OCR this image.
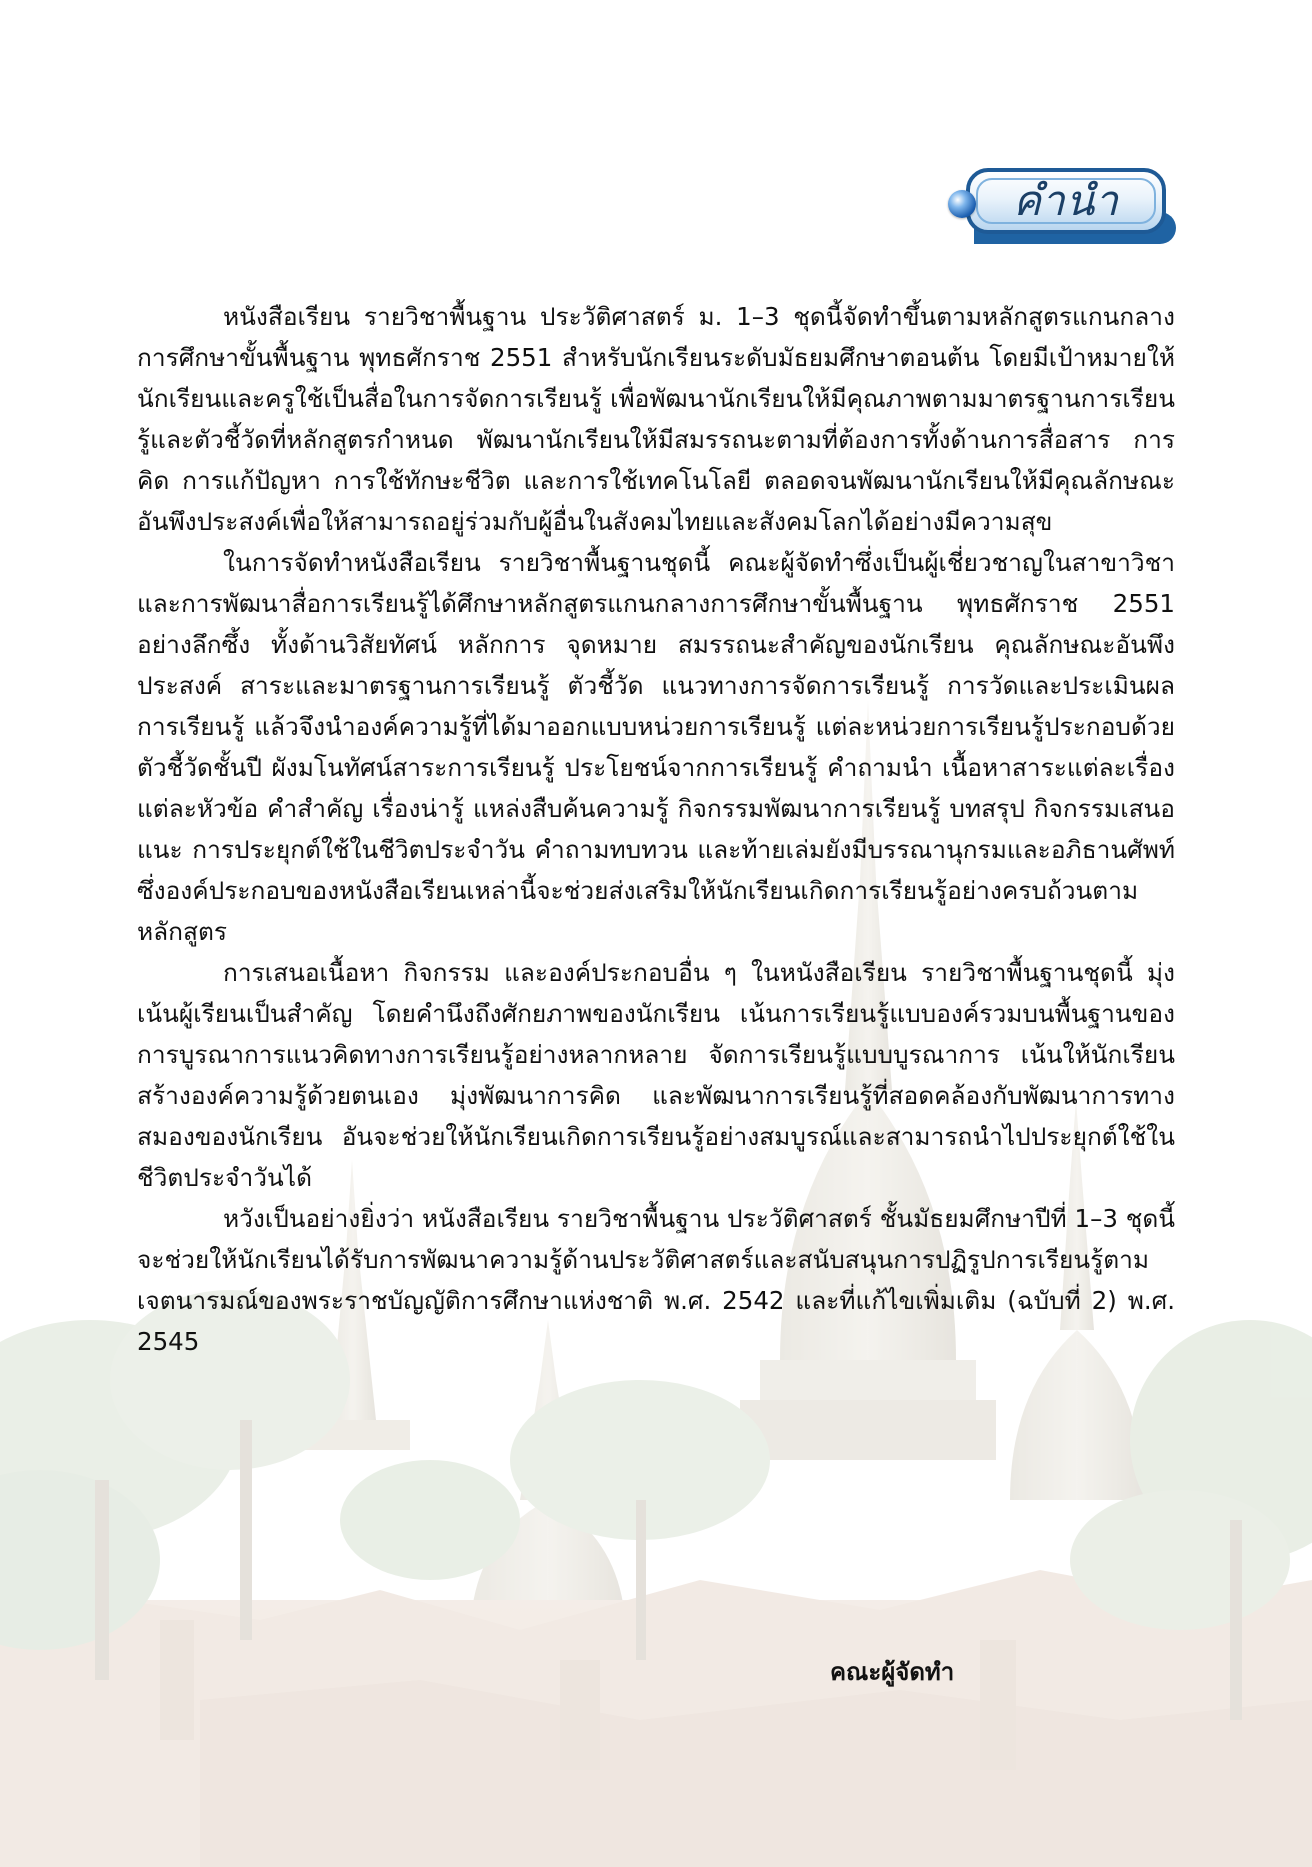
คำนำ

หนังสือเรียน รายวิชาพื้นฐาน ประวัติศาสตร์ ม. 1–3 ชุดนี้จัดทำขึ้นตามหลักสูตรแกนกลางการศึกษาขั้นพื้นฐาน พุทธศักราช 2551 สำหรับนักเรียนระดับมัธยมศึกษาตอนต้น โดยมีเป้าหมายให้นักเรียนและครูใช้เป็นสื่อในการจัดการเรียนรู้ เพื่อพัฒนานักเรียนให้มีคุณภาพตามมาตรฐานการเรียนรู้และตัวชี้วัดที่หลักสูตรกำหนด พัฒนานักเรียนให้มีสมรรถนะตามที่ต้องการทั้งด้านการสื่อสาร การคิด การแก้ปัญหา การใช้ทักษะชีวิต และการใช้เทคโนโลยี ตลอดจนพัฒนานักเรียนให้มีคุณลักษณะอันพึงประสงค์เพื่อให้สามารถอยู่ร่วมกับผู้อื่นในสังคมไทยและสังคมโลกได้อย่างมีความสุข

ในการจัดทำหนังสือเรียน รายวิชาพื้นฐานชุดนี้ คณะผู้จัดทำซึ่งเป็นผู้เชี่ยวชาญในสาขาวิชาและการพัฒนาสื่อการเรียนรู้ได้ศึกษาหลักสูตรแกนกลางการศึกษาขั้นพื้นฐาน พุทธศักราช 2551 อย่างลึกซึ้ง ทั้งด้านวิสัยทัศน์ หลักการ จุดหมาย สมรรถนะสำคัญของนักเรียน คุณลักษณะอันพึงประสงค์ สาระและมาตรฐานการเรียนรู้ ตัวชี้วัด แนวทางการจัดการเรียนรู้ การวัดและประเมินผลการเรียนรู้ แล้วจึงนำองค์ความรู้ที่ได้มาออกแบบหน่วยการเรียนรู้ แต่ละหน่วยการเรียนรู้ประกอบด้วยตัวชี้วัดชั้นปี ผังมโนทัศน์สาระการเรียนรู้ ประโยชน์จากการเรียนรู้ คำถามนำ เนื้อหาสาระแต่ละเรื่องแต่ละหัวข้อ คำสำคัญ เรื่องน่ารู้ แหล่งสืบค้นความรู้ กิจกรรมพัฒนาการเรียนรู้ บทสรุป กิจกรรมเสนอแนะ การประยุกต์ใช้ในชีวิตประจำวัน คำถามทบทวน และท้ายเล่มยังมีบรรณานุกรมและอภิธานศัพท์ ซึ่งองค์ประกอบของหนังสือเรียนเหล่านี้จะช่วยส่งเสริมให้นักเรียนเกิดการเรียนรู้อย่างครบถ้วนตามหลักสูตร

การเสนอเนื้อหา กิจกรรม และองค์ประกอบอื่น ๆ ในหนังสือเรียน รายวิชาพื้นฐานชุดนี้ มุ่งเน้นผู้เรียนเป็นสำคัญ โดยคำนึงถึงศักยภาพของนักเรียน เน้นการเรียนรู้แบบองค์รวมบนพื้นฐานของการบูรณาการแนวคิดทางการเรียนรู้อย่างหลากหลาย จัดการเรียนรู้แบบบูรณาการ เน้นให้นักเรียนสร้างองค์ความรู้ด้วยตนเอง มุ่งพัฒนาการคิด และพัฒนาการเรียนรู้ที่สอดคล้องกับพัฒนาการทางสมองของนักเรียน อันจะช่วยให้นักเรียนเกิดการเรียนรู้อย่างสมบูรณ์และสามารถนำไปประยุกต์ใช้ในชีวิตประจำวันได้

หวังเป็นอย่างยิ่งว่า หนังสือเรียน รายวิชาพื้นฐาน ประวัติศาสตร์ ชั้นมัธยมศึกษาปีที่ 1–3 ชุดนี้ จะช่วยให้นักเรียนได้รับการพัฒนาความรู้ด้านประวัติศาสตร์และสนับสนุนการปฏิรูปการเรียนรู้ตามเจตนารมณ์ของพระราชบัญญัติการศึกษาแห่งชาติ พ.ศ. 2542 และที่แก้ไขเพิ่มเติม (ฉบับที่ 2) พ.ศ. 2545

คณะผู้จัดทำ
